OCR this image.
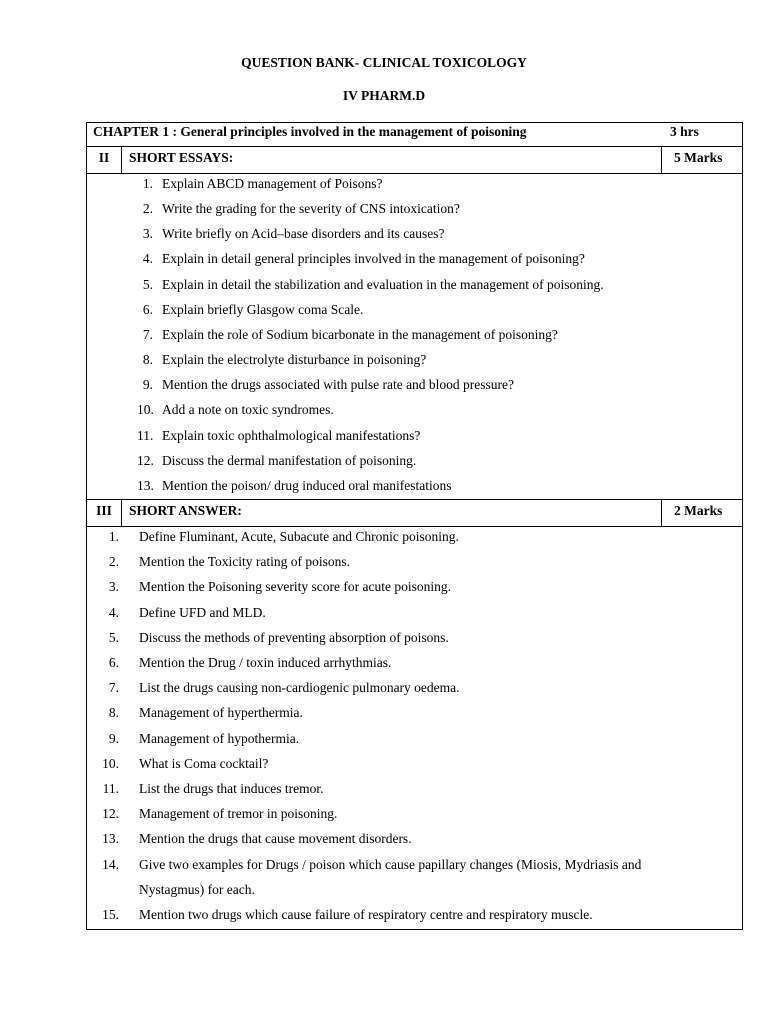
QUESTION BANK- CLINICAL TOXICOLOGY
IV PHARM.D
CHAPTER 1 : General principles involved in the management of poisoning	3 hrs
II	SHORT ESSAYS:	5 Marks
1. Explain ABCD management of Poisons?
2. Write the grading for the severity of CNS intoxication?
3. Write briefly on Acid–base disorders and its causes?
4. Explain in detail general principles involved in the management of poisoning?
5. Explain in detail the stabilization and evaluation in the management of poisoning.
6. Explain briefly Glasgow coma Scale.
7. Explain the role of Sodium bicarbonate in the management of poisoning?
8. Explain the electrolyte disturbance in poisoning?
9. Mention the drugs associated with pulse rate and blood pressure?
10. Add a note on toxic syndromes.
11. Explain toxic ophthalmological manifestations?
12. Discuss the dermal manifestation of poisoning.
13. Mention the poison/ drug induced oral manifestations
III	SHORT ANSWER:	2 Marks
1. Define Fluminant, Acute, Subacute and Chronic poisoning.
2. Mention the Toxicity rating of poisons.
3. Mention the Poisoning severity score for acute poisoning.
4. Define UFD and MLD.
5. Discuss the methods of preventing absorption of poisons.
6. Mention the Drug / toxin induced arrhythmias.
7. List the drugs causing non-cardiogenic pulmonary oedema.
8. Management of hyperthermia.
9. Management of hypothermia.
10. What is Coma cocktail?
11. List the drugs that induces tremor.
12. Management of tremor in poisoning.
13. Mention the drugs that cause movement disorders.
14. Give two examples for Drugs / poison which cause papillary changes (Miosis, Mydriasis and
Nystagmus) for each.
15. Mention two drugs which cause failure of respiratory centre and respiratory muscle.
